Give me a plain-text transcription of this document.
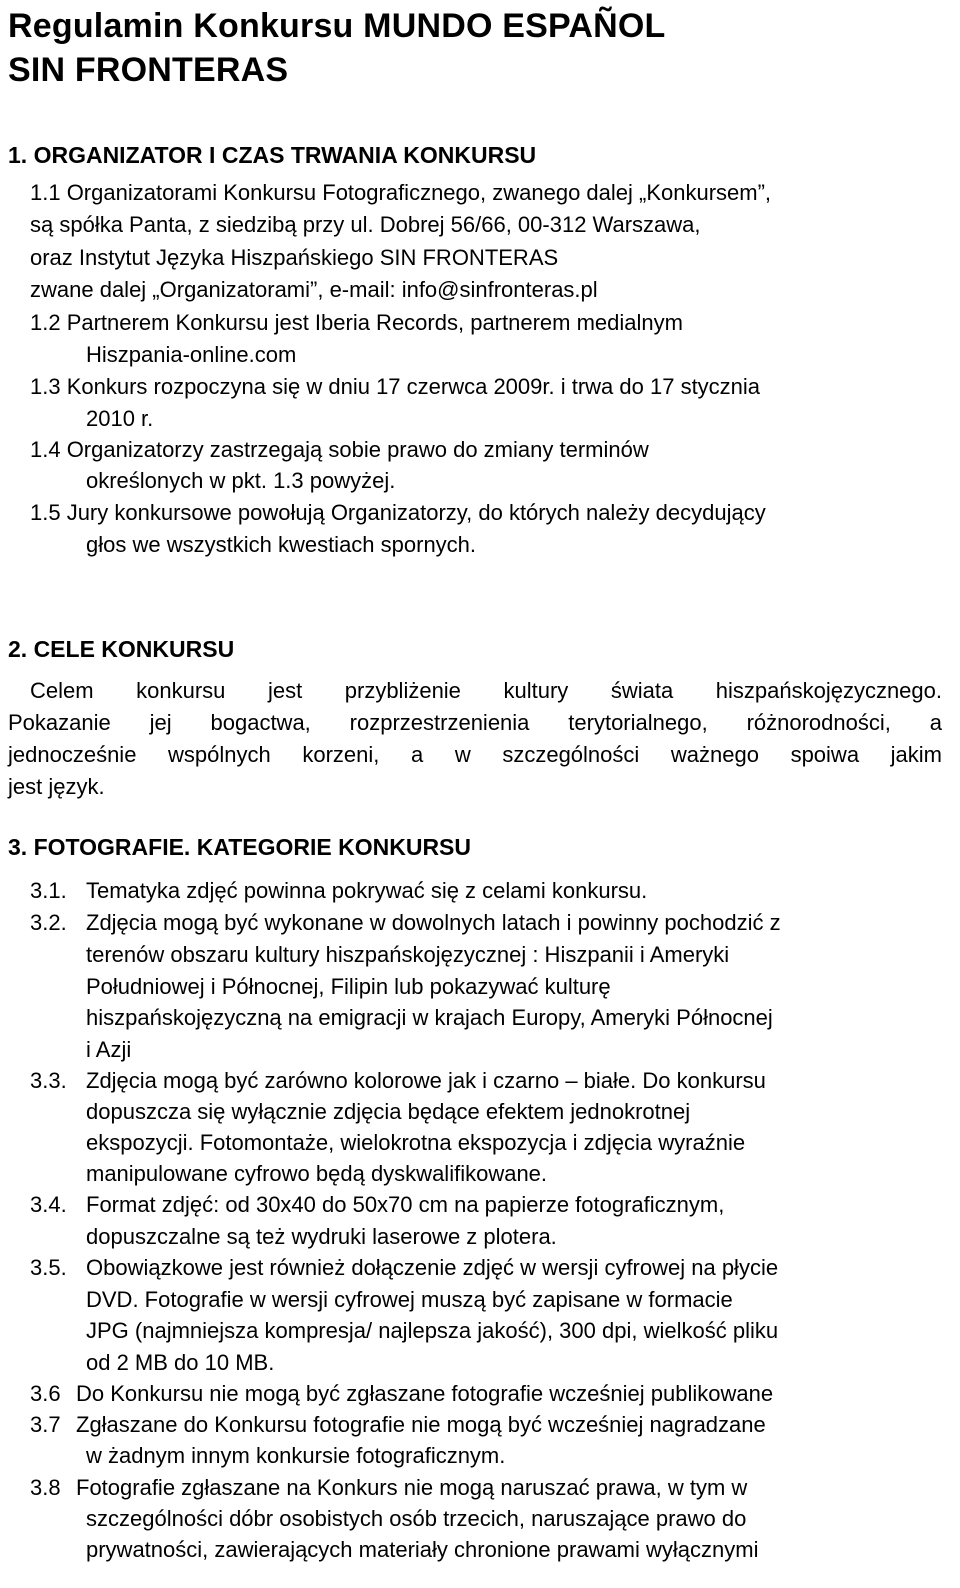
Regulamin Konkursu MUNDO ESPAÑOL
SIN FRONTERAS
1. ORGANIZATOR I CZAS TRWANIA KONKURSU
1.1 Organizatorami Konkursu Fotograficznego, zwanego dalej „Konkursem”,
są spółka Panta, z siedzibą przy ul. Dobrej 56/66, 00-312 Warszawa,
oraz Instytut Języka Hiszpańskiego SIN FRONTERAS
zwane dalej „Organizatorami”, e-mail: info@sinfronteras.pl
1.2 Partnerem Konkursu jest Iberia Records, partnerem medialnym
Hiszpania-online.com
1.3 Konkurs rozpoczyna się w dniu 17 czerwca 2009r. i trwa do 17 stycznia
2010 r.
1.4 Organizatorzy zastrzegają sobie prawo do zmiany terminów
określonych w pkt. 1.3 powyżej.
1.5 Jury konkursowe powołują Organizatorzy, do których należy decydujący
głos we wszystkich kwestiach spornych.
2. CELE KONKURSU
Celem konkursu jest przybliżenie kultury świata hiszpańskojęzycznego.
Pokazanie jej bogactwa, rozprzestrzenienia terytorialnego, różnorodności, a
jednocześnie wspólnych korzeni, a w szczególności ważnego spoiwa jakim
jest język.
3. FOTOGRAFIE. KATEGORIE KONKURSU
3.1. Tematyka zdjęć powinna pokrywać się z celami konkursu.
3.2. Zdjęcia mogą być wykonane w dowolnych latach i powinny pochodzić z
terenów obszaru kultury hiszpańskojęzycznej : Hiszpanii i Ameryki
Południowej i Północnej, Filipin lub pokazywać kulturę
hiszpańskojęzyczną na emigracji w krajach Europy, Ameryki Północnej
i Azji
3.3. Zdjęcia mogą być zarówno kolorowe jak i czarno – białe. Do konkursu
dopuszcza się wyłącznie zdjęcia będące efektem jednokrotnej
ekspozycji. Fotomontaże, wielokrotna ekspozycja i zdjęcia wyraźnie
manipulowane cyfrowo będą dyskwalifikowane.
3.4. Format zdjęć: od 30x40 do 50x70 cm na papierze fotograficznym,
dopuszczalne są też wydruki laserowe z plotera.
3.5. Obowiązkowe jest również dołączenie zdjęć w wersji cyfrowej na płycie
DVD. Fotografie w wersji cyfrowej muszą być zapisane w formacie
JPG (najmniejsza kompresja/ najlepsza jakość), 300 dpi, wielkość pliku
od 2 MB do 10 MB.
3.6 Do Konkursu nie mogą być zgłaszane fotografie wcześniej publikowane
3.7 Zgłaszane do Konkursu fotografie nie mogą być wcześniej nagradzane
w żadnym innym konkursie fotograficznym.
3.8 Fotografie zgłaszane na Konkurs nie mogą naruszać prawa, w tym w
szczególności dóbr osobistych osób trzecich, naruszające prawo do
prywatności, zawierających materiały chronione prawami wyłącznymi
